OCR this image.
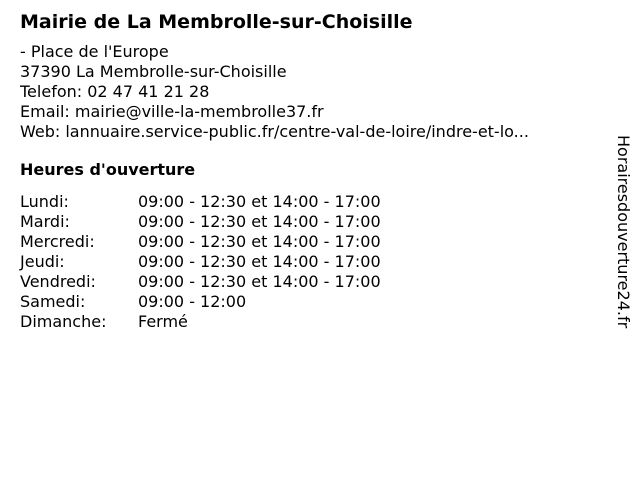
Mairie de La Membrolle-sur-Choisille
- Place de l'Europe
37390 La Membrolle-sur-Choisille
Telefon: 02 47 41 21 28
Email: mairie@ville-la-membrolle37.fr
Web: lannuaire.service-public.fr/centre-val-de-loire/indre-et-lo...
Heures d'ouverture
Lundi:	09:00 - 12:30 et 14:00 - 17:00
Mardi:	09:00 - 12:30 et 14:00 - 17:00
Mercredi:	09:00 - 12:30 et 14:00 - 17:00
Jeudi:	09:00 - 12:30 et 14:00 - 17:00
Vendredi:	09:00 - 12:30 et 14:00 - 17:00
Samedi:	09:00 - 12:00
Dimanche:	Fermé	Horairesdouverture24.fr
